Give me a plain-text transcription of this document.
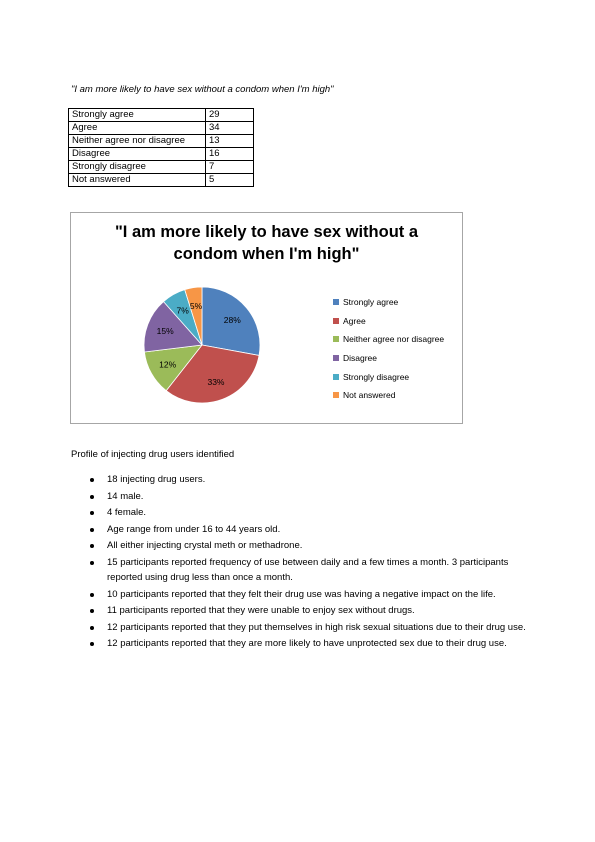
"I am more likely to have sex without a condom when I'm high"
Strongly agree	29
Agree	34
Neither agree nor disagree	13
Disagree	16
Strongly disagree	7
Not answered	5
"I am more likely to have sex without a
condom when I'm high"
28%
33%
12%
15%
7% 5%	Strongly agree
Agree
Neither agree nor disagree
Disagree
Strongly disagree
Not answered
Profile of injecting drug users identified
18 injecting drug users.
14 male.
4 female.
Age range from under 16 to 44 years old.
All either injecting crystal meth or methadrone.
15 participants reported frequency of use between daily and a few times a month. 3 participants reported using drug less than once a month.
10 participants reported that they felt their drug use was having a negative impact on the life.
11 participants reported that they were unable to enjoy sex without drugs.
12 participants reported that they put themselves in high risk sexual situations due to their drug use.
12 participants reported that they are more likely to have unprotected sex due to their drug use.
